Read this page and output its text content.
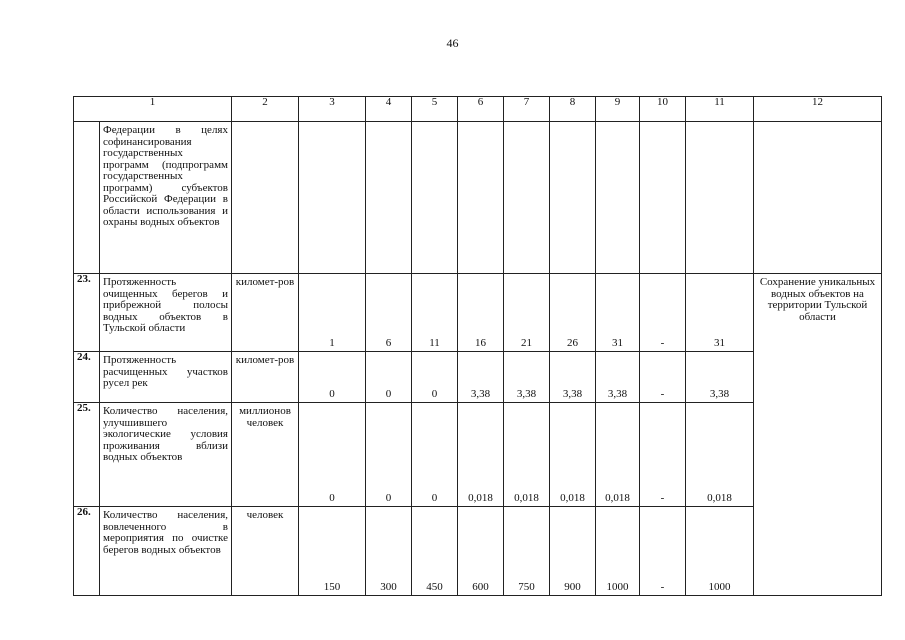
46
1		2	3	4	5	6	7	8	9	10	11	12	

	Федерации в целях софинансирования государственных программ (подпрограмм государственных программ) субъектов Российской Федерации в области использования и охраны водных объектов												

23.	Протяженность очищенных берегов и прибрежной полосы водных объектов в Тульской области	километ-ров	1	6	11	16	21	26	31	-	31	Сохранение уникальных водных объектов на территории Тульской области	

24.	Протяженность расчищенных участков русел рек	километ-ров	0	0	0	3,38	3,38	3,38	3,38	-	3,38		
25.	Количество населения, улучшившего экологические условия проживания вблизи водных объектов	миллионов человек	0	0	0	0,018	0,018	0,018	0,018	-	0,018		
26.	Количество населения, вовлеченного в мероприятия по очистке берегов водных объектов	человек	150	300	450	600	750	900	1000	-	1000		
